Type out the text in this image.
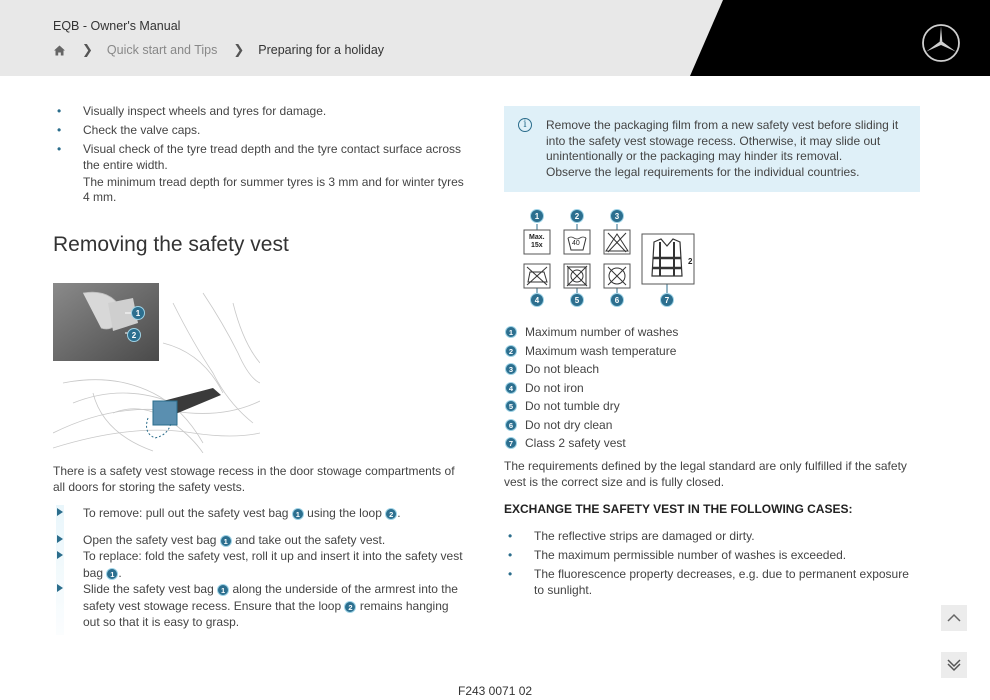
EQB - Owner's Manual
❯ Quick start and Tips ❯ Preparing for a holiday
• Visually inspect wheels and tyres for damage.
• Check the valve caps.
• Visual check of the tyre tread depth and the tyre contact surface across the entire width.
The minimum tread depth for summer tyres is 3 mm and for winter tyres 4 mm.
Removing the safety vest
1
2
There is a safety vest stowage recess in the door stowage compartments of all doors for storing the safety vests.
To remove: pull out the safety vest bag 1 using the loop 2 .
Open the safety vest bag 1 and take out the safety vest.
To replace: fold the safety vest, roll it up and insert it into the safety vest bag 1 .
Slide the safety vest bag 1 along the underside of the armrest into the safety vest stowage recess. Ensure that the loop 2 remains hanging out so that it is easy to grasp.
F243 0071 02
i	Remove the packaging film from a new safety vest before sliding it into the safety vest stowage recess. Otherwise, it may slide out unintentionally or the packaging may hinder its removal.

Observe the legal requirements for the individual countries.

Max.
15x	40
2
1	2	3
4	5	6	7
1 Maximum number of washes
2 Maximum wash temperature
3 Do not bleach
4 Do not iron
5 Do not tumble dry
6 Do not dry clean
7 Class 2 safety vest
The requirements defined by the legal standard are only fulfilled if the safety vest is the correct size and is fully closed.
EXCHANGE THE SAFETY VEST IN THE FOLLOWING CASES:
• The reflective strips are damaged or dirty.
• The maximum permissible number of washes is exceeded.
• The fluorescence property decreases, e.g. due to permanent exposure to sunlight.
